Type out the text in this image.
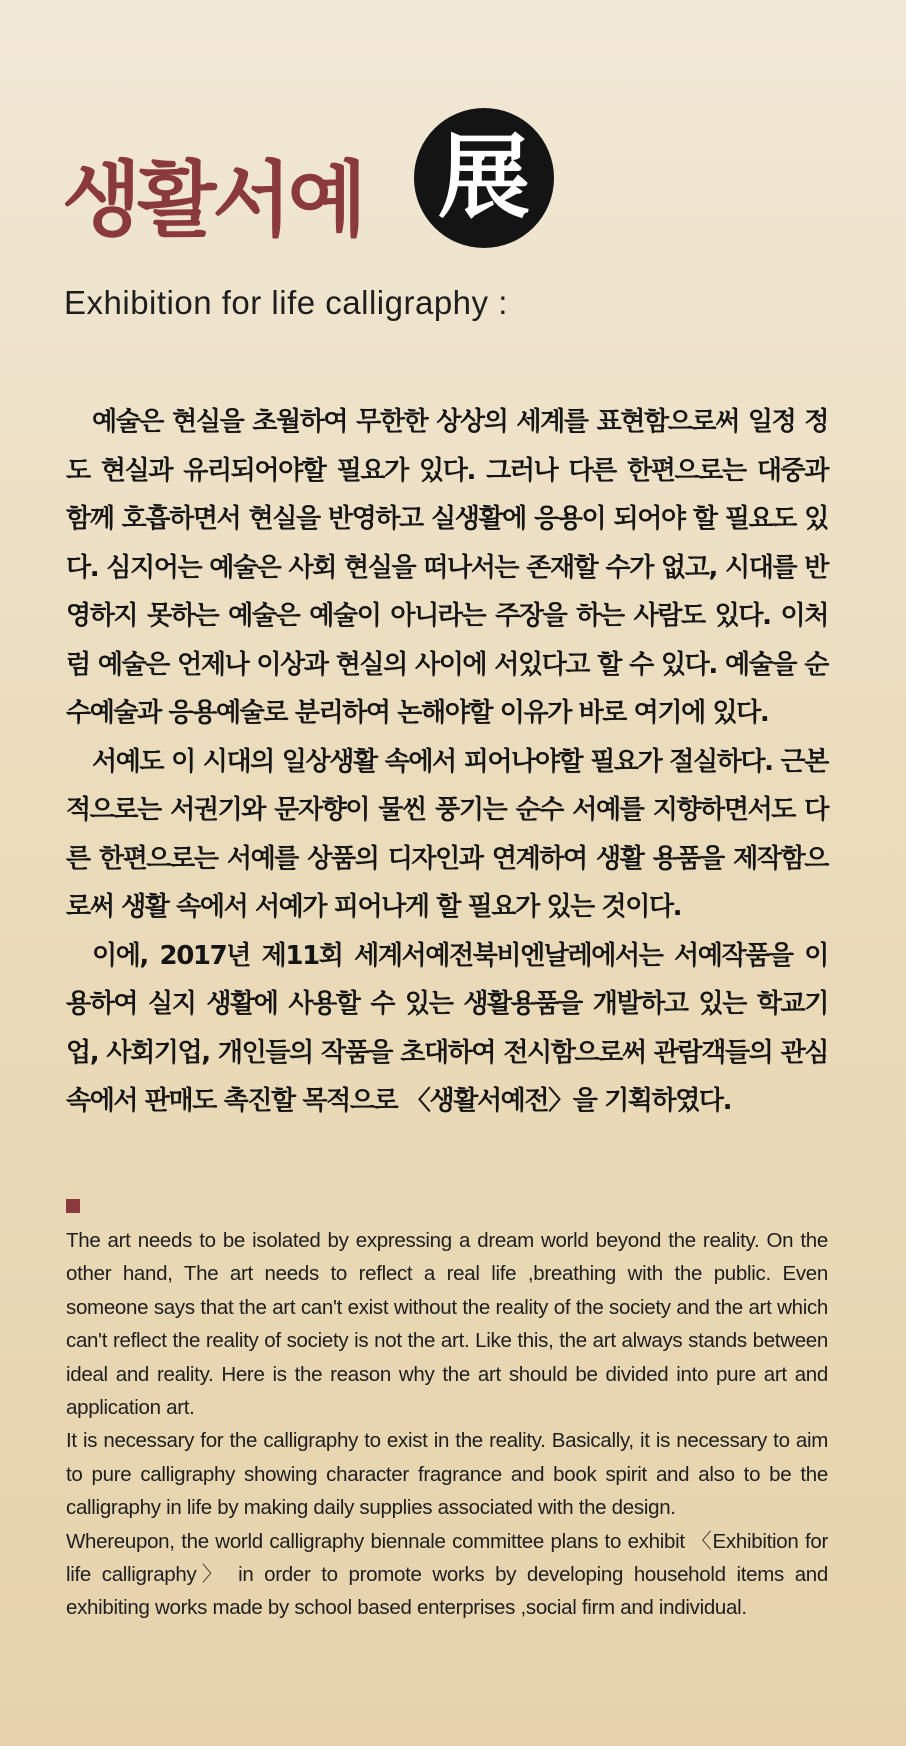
생활서예 展
Exhibition for life calligraphy :

예술은 현실을 초월하여 무한한 상상의 세계를 표현함으로써 일정 정도 현실과 유리되어야할 필요가 있다. 그러나 다른 한편으로는 대중과 함께 호흡하면서 현실을 반영하고 실생활에 응용이 되어야 할 필요도 있다. 심지어는 예술은 사회 현실을 떠나서는 존재할 수가 없고, 시대를 반영하지 못하는 예술은 예술이 아니라는 주장을 하는 사람도 있다. 이처럼 예술은 언제나 이상과 현실의 사이에 서있다고 할 수 있다. 예술을 순수예술과 응용예술로 분리하여 논해야할 이유가 바로 여기에 있다.

서예도 이 시대의 일상생활 속에서 피어나야할 필요가 절실하다. 근본적으로는 서권기와 문자향이 물씬 풍기는 순수 서예를 지향하면서도 다른 한편으로는 서예를 상품의 디자인과 연계하여 생활 용품을 제작함으로써 생활 속에서 서예가 피어나게 할 필요가 있는 것이다.

이에, 2017년 제11회 세계서예전북비엔날레에서는 서예작품을 이용하여 실지 생활에 사용할 수 있는 생활용품을 개발하고 있는 학교기업, 사회기업, 개인들의 작품을 초대하여 전시함으로써 관람객들의 관심 속에서 판매도 촉진할 목적으로 〈생활서예전〉을 기획하였다.

The art needs to be isolated by expressing a dream world beyond the reality. On the other hand, The art needs to reflect a real life ,breathing with the public. Even someone says that the art can't exist without the reality of the society and the art which can't reflect the reality of society is not the art. Like this, the art always stands between ideal and reality. Here is the reason why the art should be divided into pure art and application art.

It is necessary for the calligraphy to exist in the reality. Basically, it is necessary to aim to pure calligraphy showing character fragrance and book spirit and also to be the calligraphy in life by making daily supplies associated with the design.

Whereupon, the world calligraphy biennale committee plans to exhibit 〈Exhibition for life calligraphy〉 in order to promote works by developing household items and exhibiting works made by school based enterprises ,social firm and individual.
